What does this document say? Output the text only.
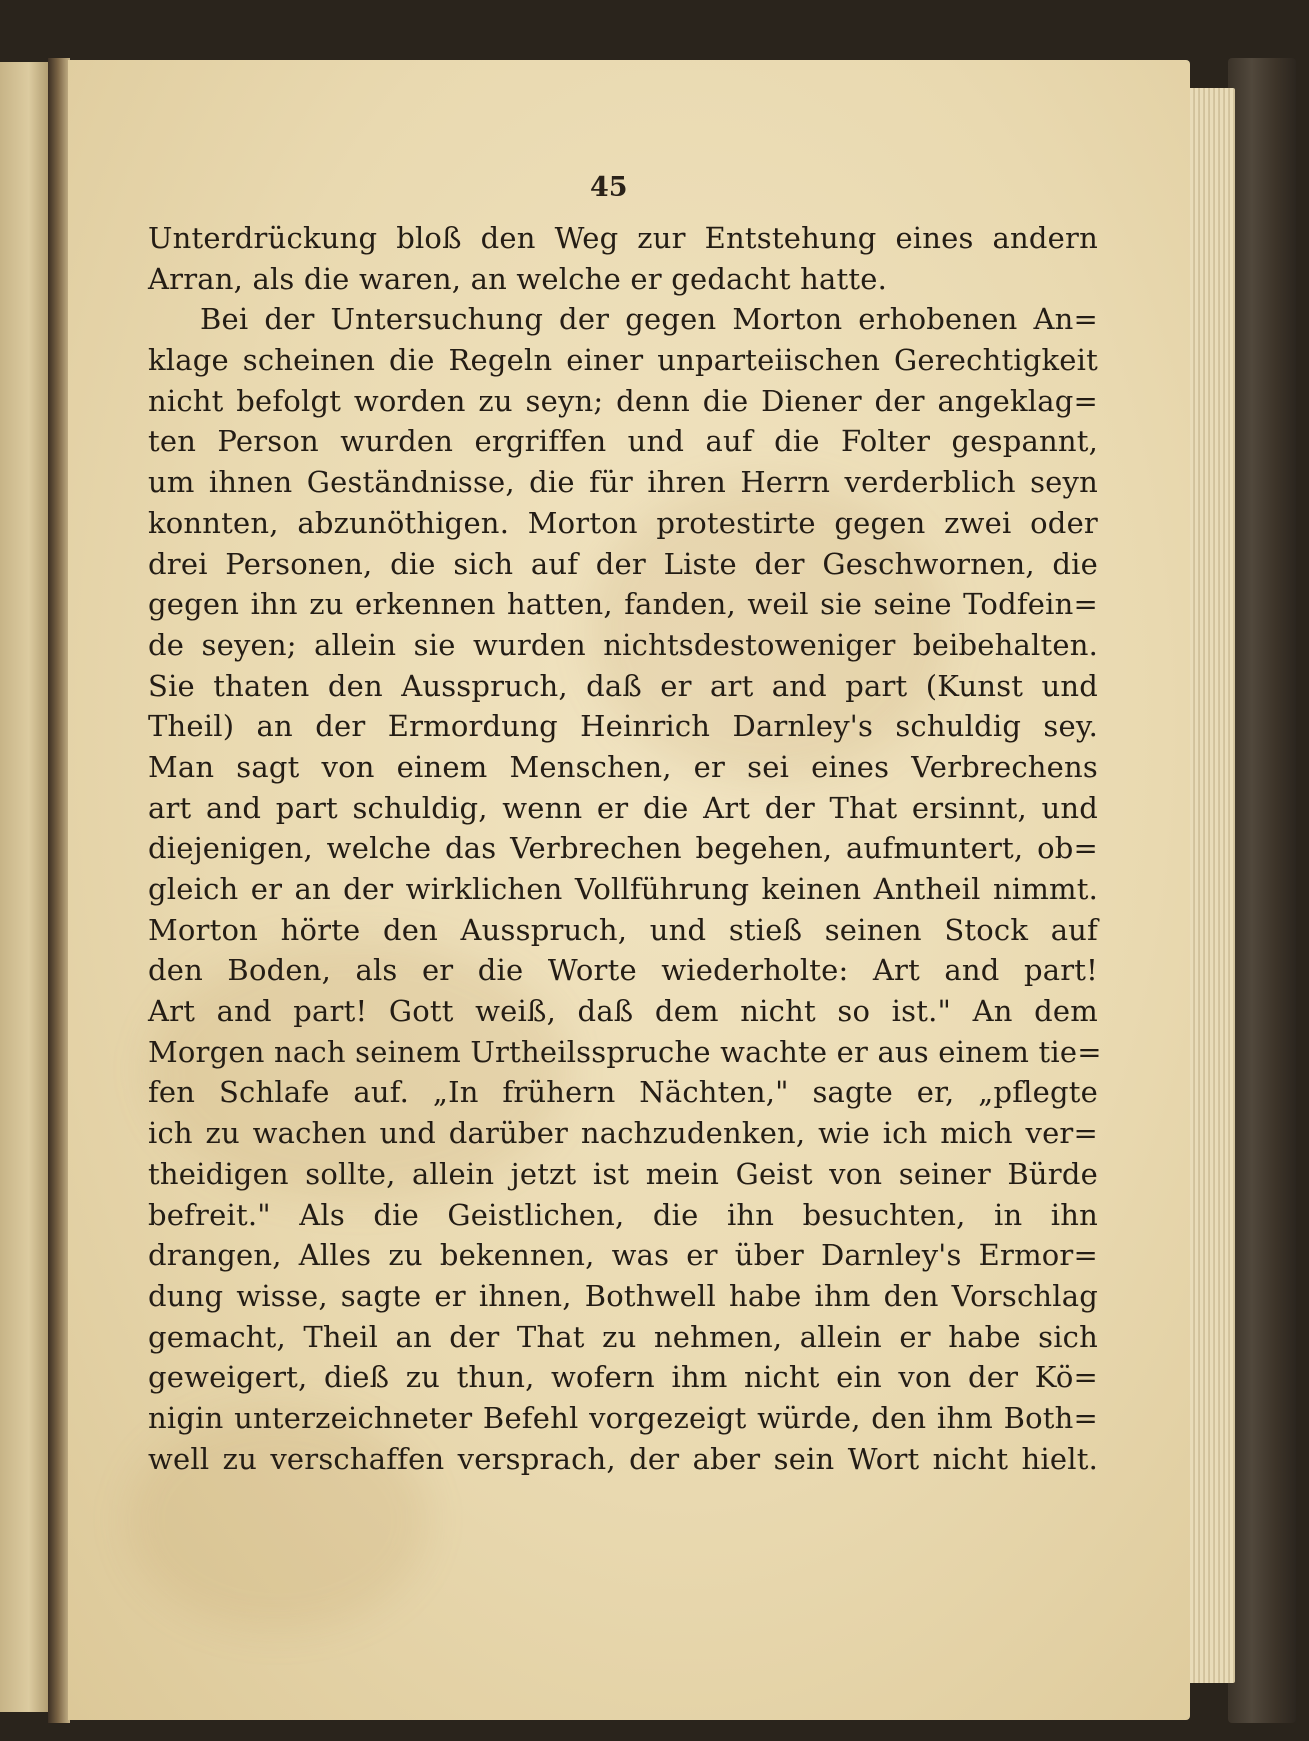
45
Unterdrückung bloß den Weg zur Entstehung eines andern
Arran, als die waren, an welche er gedacht hatte.
Bei der Untersuchung der gegen Morton erhobenen An=
klage scheinen die Regeln einer unparteiischen Gerechtigkeit
nicht befolgt worden zu seyn; denn die Diener der angeklag=
ten Person wurden ergriffen und auf die Folter gespannt,
um ihnen Geständnisse, die für ihren Herrn verderblich seyn
konnten, abzunöthigen. Morton protestirte gegen zwei oder
drei Personen, die sich auf der Liste der Geschwornen, die
gegen ihn zu erkennen hatten, fanden, weil sie seine Todfein=
de seyen; allein sie wurden nichtsdestoweniger beibehalten.
Sie thaten den Ausspruch, daß er art and part (Kunst und
Theil) an der Ermordung Heinrich Darnley's schuldig sey.
Man sagt von einem Menschen, er sei eines Verbrechens
art and part schuldig, wenn er die Art der That ersinnt, und
diejenigen, welche das Verbrechen begehen, aufmuntert, ob=
gleich er an der wirklichen Vollführung keinen Antheil nimmt.
Morton hörte den Ausspruch, und stieß seinen Stock auf
den Boden, als er die Worte wiederholte: Art and part!
Art and part! Gott weiß, daß dem nicht so ist." An dem
Morgen nach seinem Urtheilsspruche wachte er aus einem tie=
fen Schlafe auf. „In frühern Nächten," sagte er, „pflegte
ich zu wachen und darüber nachzudenken, wie ich mich ver=
theidigen sollte, allein jetzt ist mein Geist von seiner Bürde
befreit." Als die Geistlichen, die ihn besuchten, in ihn
drangen, Alles zu bekennen, was er über Darnley's Ermor=
dung wisse, sagte er ihnen, Bothwell habe ihm den Vorschlag
gemacht, Theil an der That zu nehmen, allein er habe sich
geweigert, dieß zu thun, wofern ihm nicht ein von der Kö=
nigin unterzeichneter Befehl vorgezeigt würde, den ihm Both=
well zu verschaffen versprach, der aber sein Wort nicht hielt.
